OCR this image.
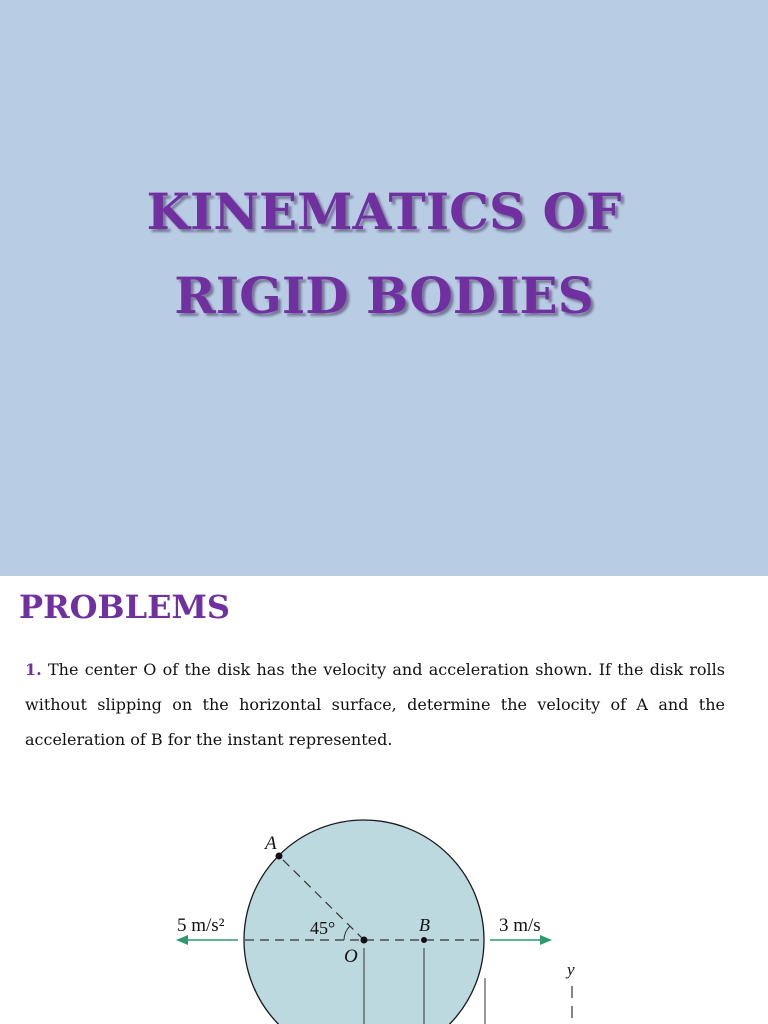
KINEMATICS OF
RIGID BODIES
PROBLEMS
1. The center O of the disk has the velocity and acceleration shown. If the disk rolls without slipping on the horizontal surface, determine the velocity of A and the acceleration of B for the instant represented.
A
45°	B
O
5 m/s²	3 m/s
y
